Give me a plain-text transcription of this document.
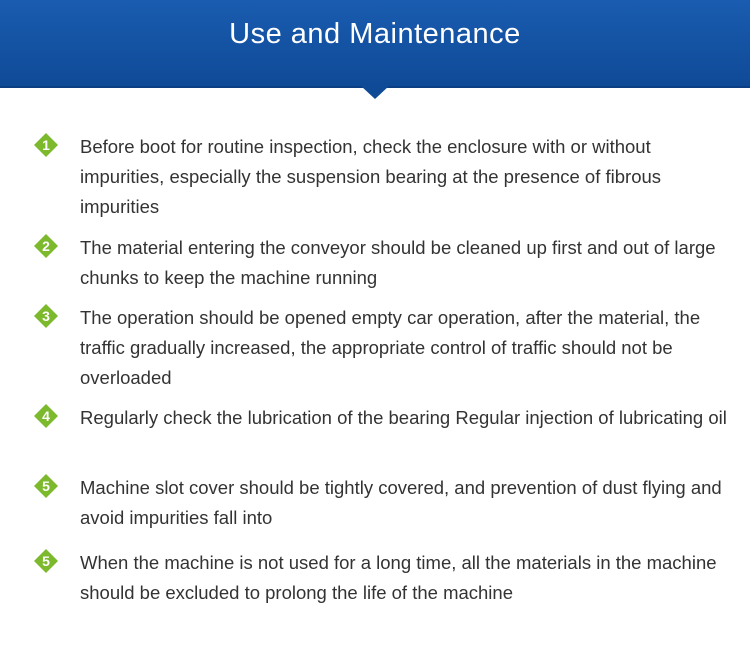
Use and Maintenance
1	Before boot for routine inspection, check the enclosure with or without impurities, especially the suspension bearing at the presence of fibrous impurities
2	The material entering the conveyor should be cleaned up first and out of large chunks to keep the machine running
3	The operation should be opened empty car operation, after the material, the traffic gradually increased, the appropriate control of traffic should not be overloaded
4	Regularly check the lubrication of the bearing Regular injection of lubricating oil
5	Machine slot cover should be tightly covered, and prevention of dust flying and avoid impurities fall into
5	When the machine is not used for a long time, all the materials in the machine should be excluded to prolong the life of the machine
